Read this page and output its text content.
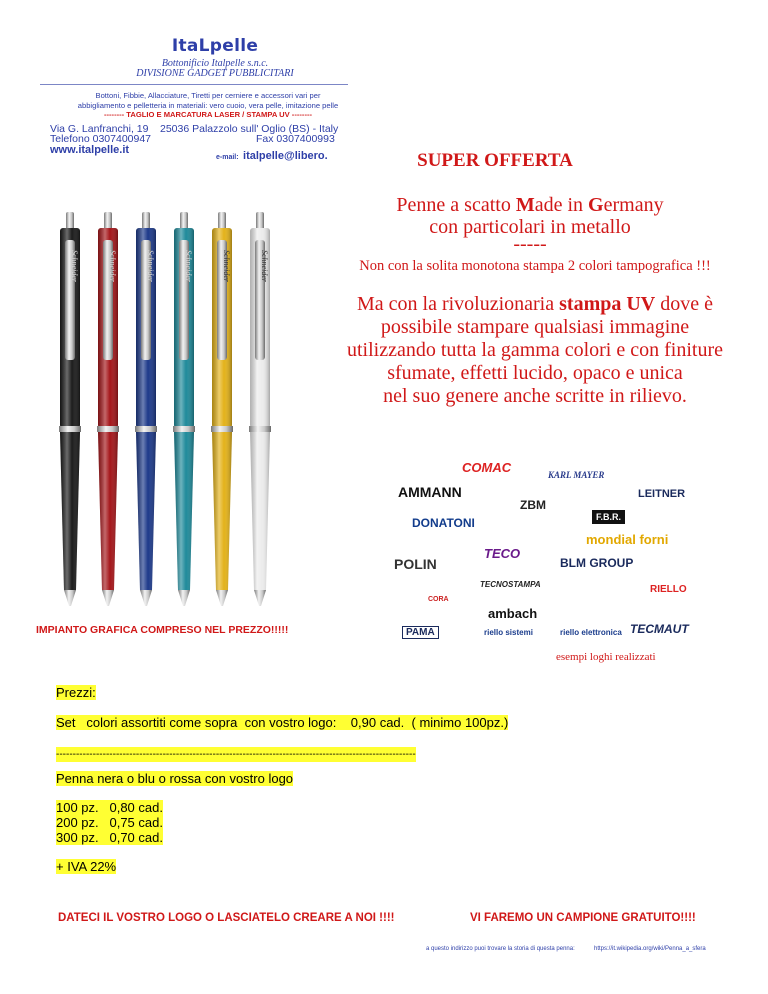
ItaLpelle
Bottonificio Italpelle s.n.c.
DIVISIONE GADGET PUBBLICITARI
Bottoni, Fibbie, Allacciature, Tiretti per cerniere e accessori vari per
abbigliamento e pelletteria in materiali: vero cuoio, vera pelle, imitazione pelle
-------- TAGLIO E MARCATURA LASER / STAMPA UV --------
Via G. Lanfranchi, 19 25036 Palazzolo sull' Oglio (BS) - Italy
Telefono 0307400947	Fax 0307400993
www.italpelle.it
e-mail: italpelle@libero.	SUPER OFFERTA
Penne a scatto Made in Germany
con particolari in metallo
-----
Non con la solita monotona stampa 2 colori tampografica !!!
Ma con la rivoluzionaria stampa UV dove è
possibile stampare qualsiasi immagine
utilizzando tutta la gamma colori e con finiture
sfumate, effetti lucido, opaco e unica
nel suo genere anche scritte in rilievo.
Schneider	Schneider	Schneider	Schneider	Schneider	Schneider
IMPIANTO GRAFICA COMPRESO NEL PREZZO!!!!!
COMAC	KARL MAYER
AMMANN
ZBM
LEITNER
DONATONI	F.B.R.
mondial forni
POLIN
TECO
BLM GROUP
TECNOSTAMPA
CORA
RIELLO
ambach
PAMA	riello sistemi	riello elettronica TECMAUT
esempi loghi realizzati
Prezzi:
Set   colori assortiti come sopra  con vostro logo:    0,90 cad.  ( minimo 100pz.)
------------------------------------------------------------------------------------------------------------
Penna nera o blu o rossa con vostro logo
100 pz.   0,80 cad.
200 pz.   0,75 cad.
300 pz.   0,70 cad.
+ IVA 22%
DATECI IL VOSTRO LOGO O LASCIATELO CREARE A NOI !!!!	VI FAREMO UN CAMPIONE GRATUITO!!!!
a questo indirizzo puoi trovare la storia di questa penna:	https://it.wikipedia.org/wiki/Penna_a_sfera
